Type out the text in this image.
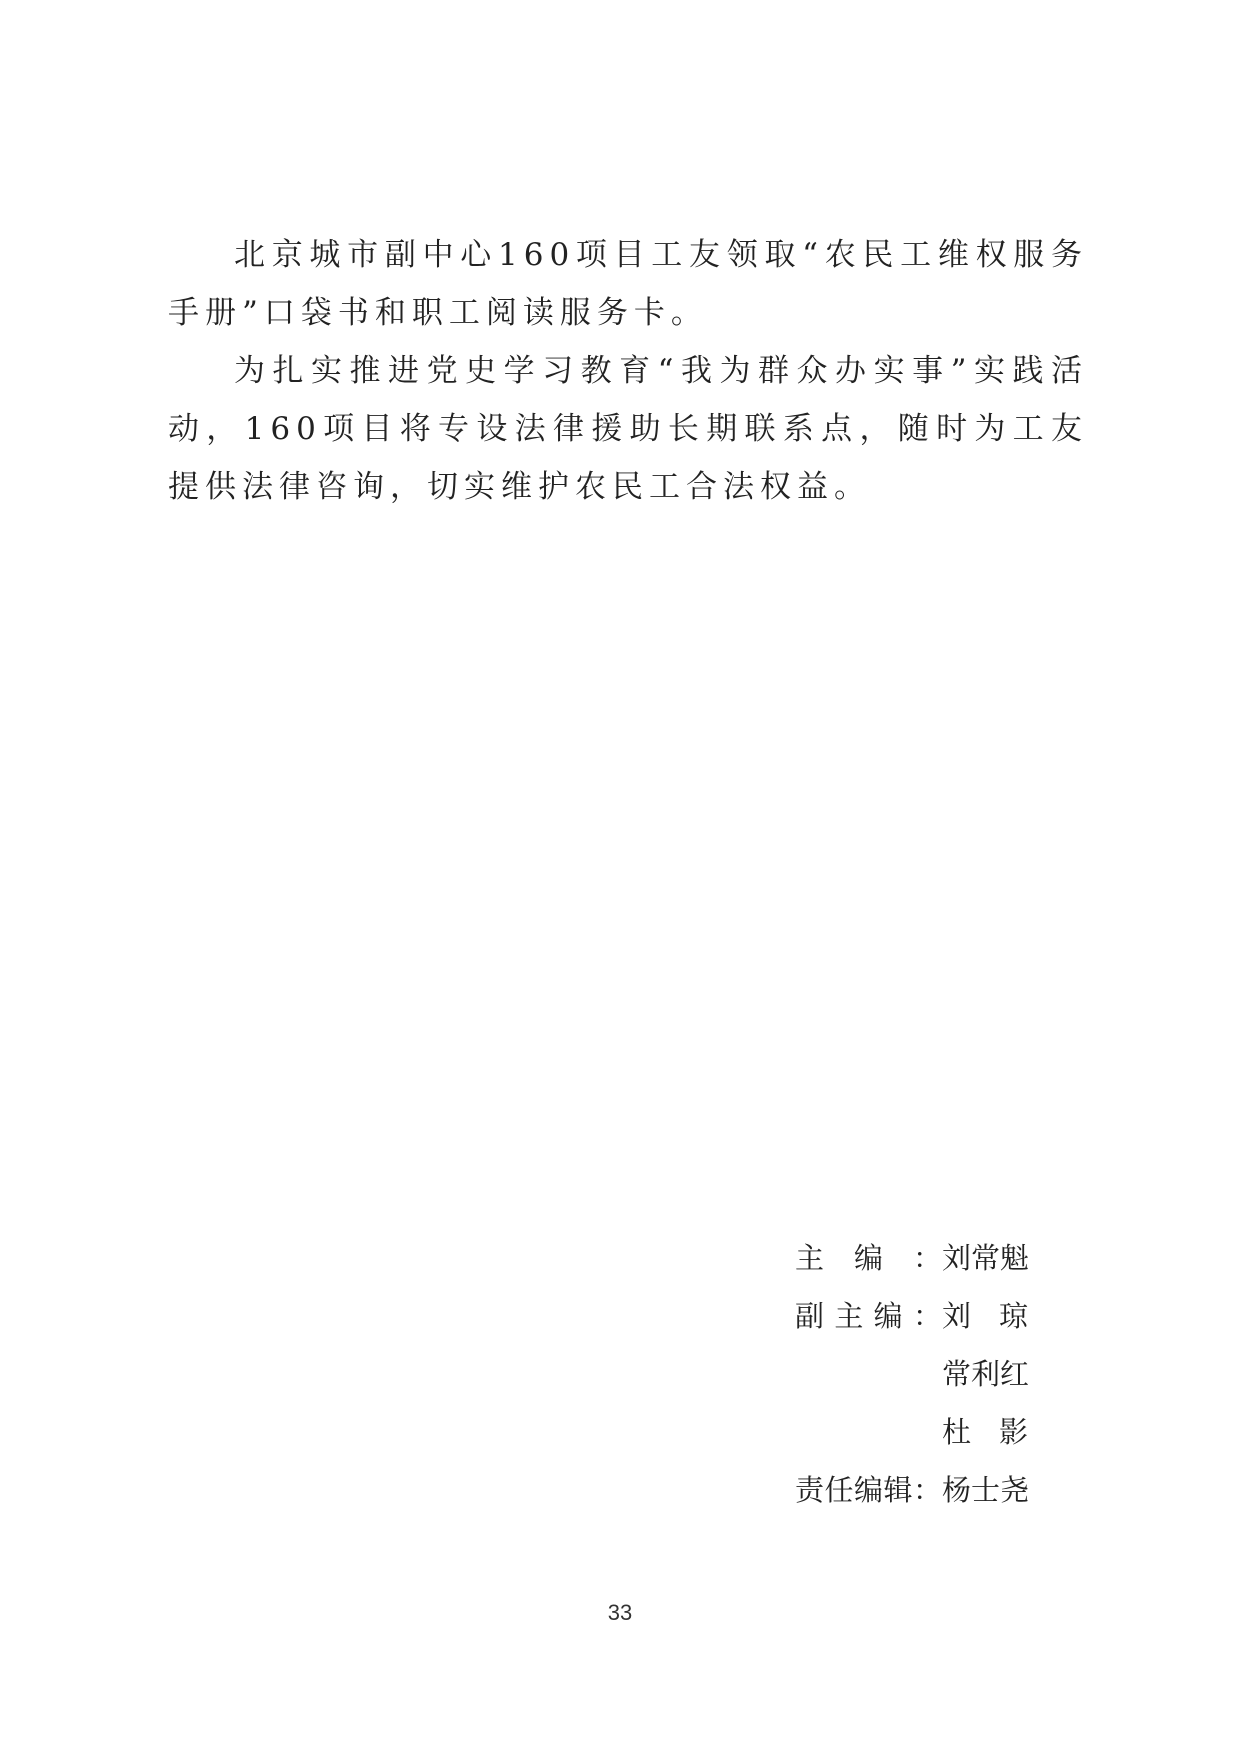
北京城市副中心160项目工友领取“农民工维权服务手册”口袋书和职工阅读服务卡。

为扎实推进党史学习教育“我为群众办实事”实践活动，160项目将专设法律援助长期联系点，随时为工友提供法律咨询，切实维护农民工合法权益。

主 编 ： 刘 常 魁
副 主 编 ： 刘 琼
常 利 红
杜 影
责 任 编 辑 ： 杨 士 尧
33
